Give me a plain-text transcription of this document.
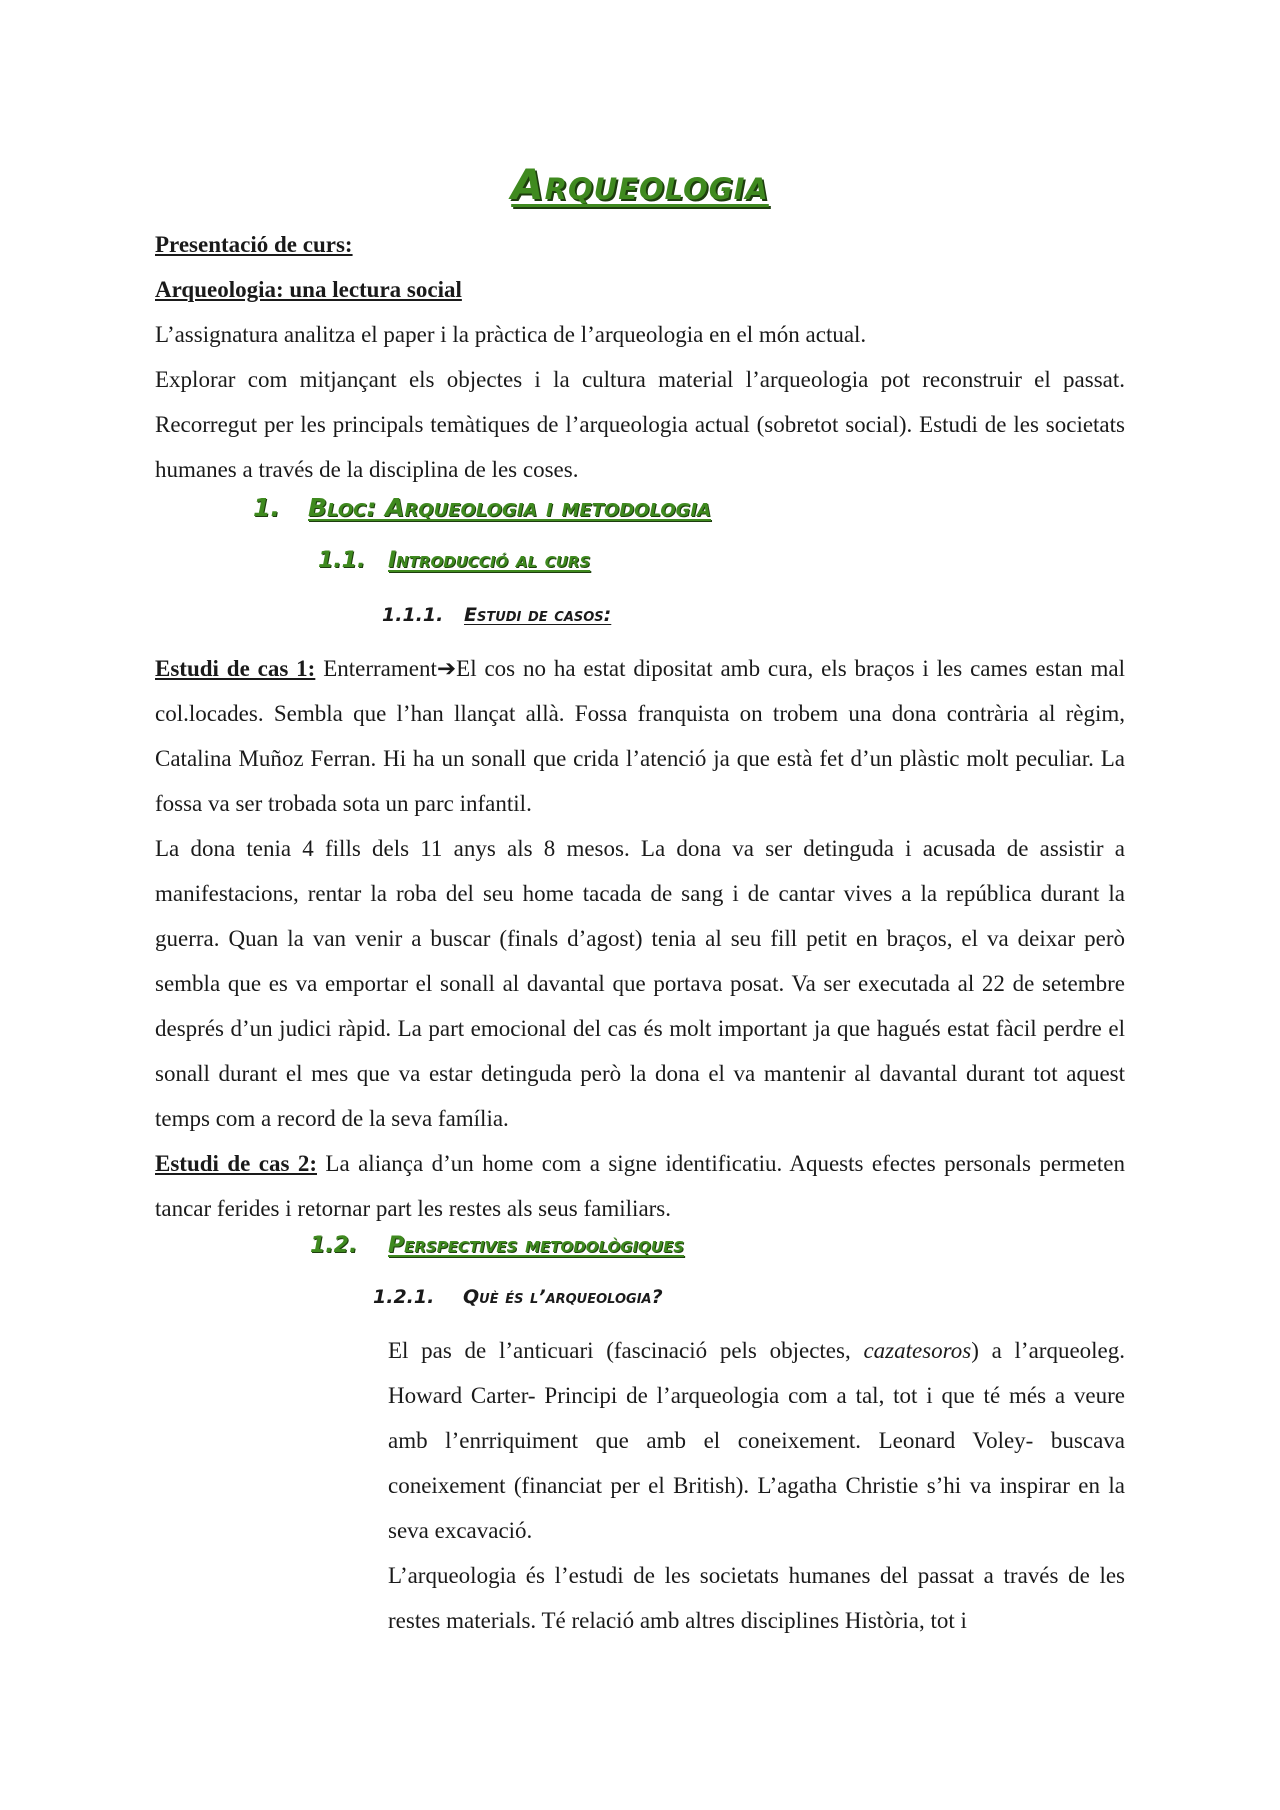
Arqueologia

Presentació de curs:

Arqueologia: una lectura social

L’assignatura analitza el paper i la pràctica de l’arqueologia en el món actual.

Explorar com mitjançant els objectes i la cultura material l’arqueologia pot reconstruir el passat. Recorregut per les principals temàtiques de l’arqueologia actual (sobretot social). Estudi de les societats humanes a través de la disciplina de les coses.

1. Bloc: Arqueologia i metodologia
1.1. Introducció al curs
1.1.1. Estudi de casos:

Estudi de cas 1: Enterrament➔El cos no ha estat dipositat amb cura, els braços i les cames estan mal col.locades. Sembla que l’han llançat allà. Fossa franquista on trobem una dona contrària al règim, Catalina Muñoz Ferran. Hi ha un sonall que crida l’atenció ja que està fet d’un plàstic molt peculiar. La fossa va ser trobada sota un parc infantil.

La dona tenia 4 fills dels 11 anys als 8 mesos. La dona va ser detinguda i acusada de assistir a manifestacions, rentar la roba del seu home tacada de sang i de cantar vives a la república durant la guerra. Quan la van venir a buscar (finals d’agost) tenia al seu fill petit en braços, el va deixar però sembla que es va emportar el sonall al davantal que portava posat. Va ser executada al 22 de setembre després d’un judici ràpid. La part emocional del cas és molt important ja que hagués estat fàcil perdre el sonall durant el mes que va estar detinguda però la dona el va mantenir al davantal durant tot aquest temps com a record de la seva família.

Estudi de cas 2: La aliança d’un home com a signe identificatiu. Aquests efectes personals permeten tancar ferides i retornar part les restes als seus familiars.

1.2. Perspectives metodològiques
1.2.1. Què és l’arqueologia?

El pas de l’anticuari (fascinació pels objectes, cazatesoros) a l’arqueoleg. Howard Carter- Principi de l’arqueologia com a tal, tot i que té més a veure amb l’enrriquiment que amb el coneixement. Leonard Voley- buscava coneixement (financiat per el British). L’agatha Christie s’hi va inspirar en la seva excavació.

L’arqueologia és l’estudi de les societats humanes del passat a través de les restes materials. Té relació amb altres disciplines Història, tot i
